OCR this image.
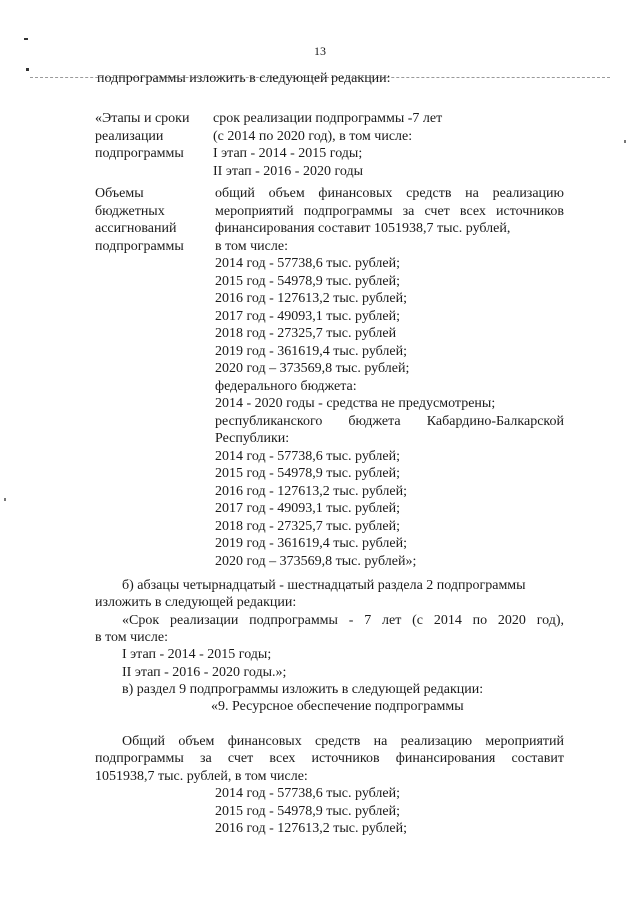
13
подпрограммы изложить в следующей редакции:
«Этапы и сроки
реализации
подпрограммы
срок реализации подпрограммы -7 лет
(с 2014 по 2020 год), в том числе:
I этап - 2014 - 2015 годы;
II этап - 2016 - 2020 годы
Объемы
бюджетных
ассигнований
подпрограммы
общий объем финансовых средств на реализацию
мероприятий подпрограммы за счет всех источников
финансирования составит 1051938,7 тыс. рублей,
в том числе:
2014 год - 57738,6 тыс. рублей;
2015 год - 54978,9 тыс. рублей;
2016 год - 127613,2 тыс. рублей;
2017 год - 49093,1 тыс. рублей;
2018 год - 27325,7 тыс. рублей
2019 год - 361619,4 тыс. рублей;
2020 год – 373569,8 тыс. рублей;
федерального бюджета:
2014 - 2020 годы - средства не предусмотрены;
республиканского бюджета Кабардино-Балкарской
Республики:
2014 год - 57738,6 тыс. рублей;
2015 год - 54978,9 тыс. рублей;
2016 год - 127613,2 тыс. рублей;
2017 год - 49093,1 тыс. рублей;
2018 год - 27325,7 тыс. рублей;
2019 год - 361619,4 тыс. рублей;
2020 год – 373569,8 тыс. рублей»;
б) абзацы четырнадцатый - шестнадцатый раздела 2 подпрограммы
изложить в следующей редакции:
«Срок реализации подпрограммы - 7 лет (с 2014 по 2020 год),
в том числе:
I этап - 2014 - 2015 годы;
II этап - 2016 - 2020 годы.»;
в) раздел 9 подпрограммы изложить в следующей редакции:
«9. Ресурсное обеспечение подпрограммы
Общий объем финансовых средств на реализацию мероприятий
подпрограммы за счет всех источников финансирования составит
1051938,7 тыс. рублей, в том числе:
2014 год - 57738,6 тыс. рублей;
2015 год - 54978,9 тыс. рублей;
2016 год - 127613,2 тыс. рублей;
